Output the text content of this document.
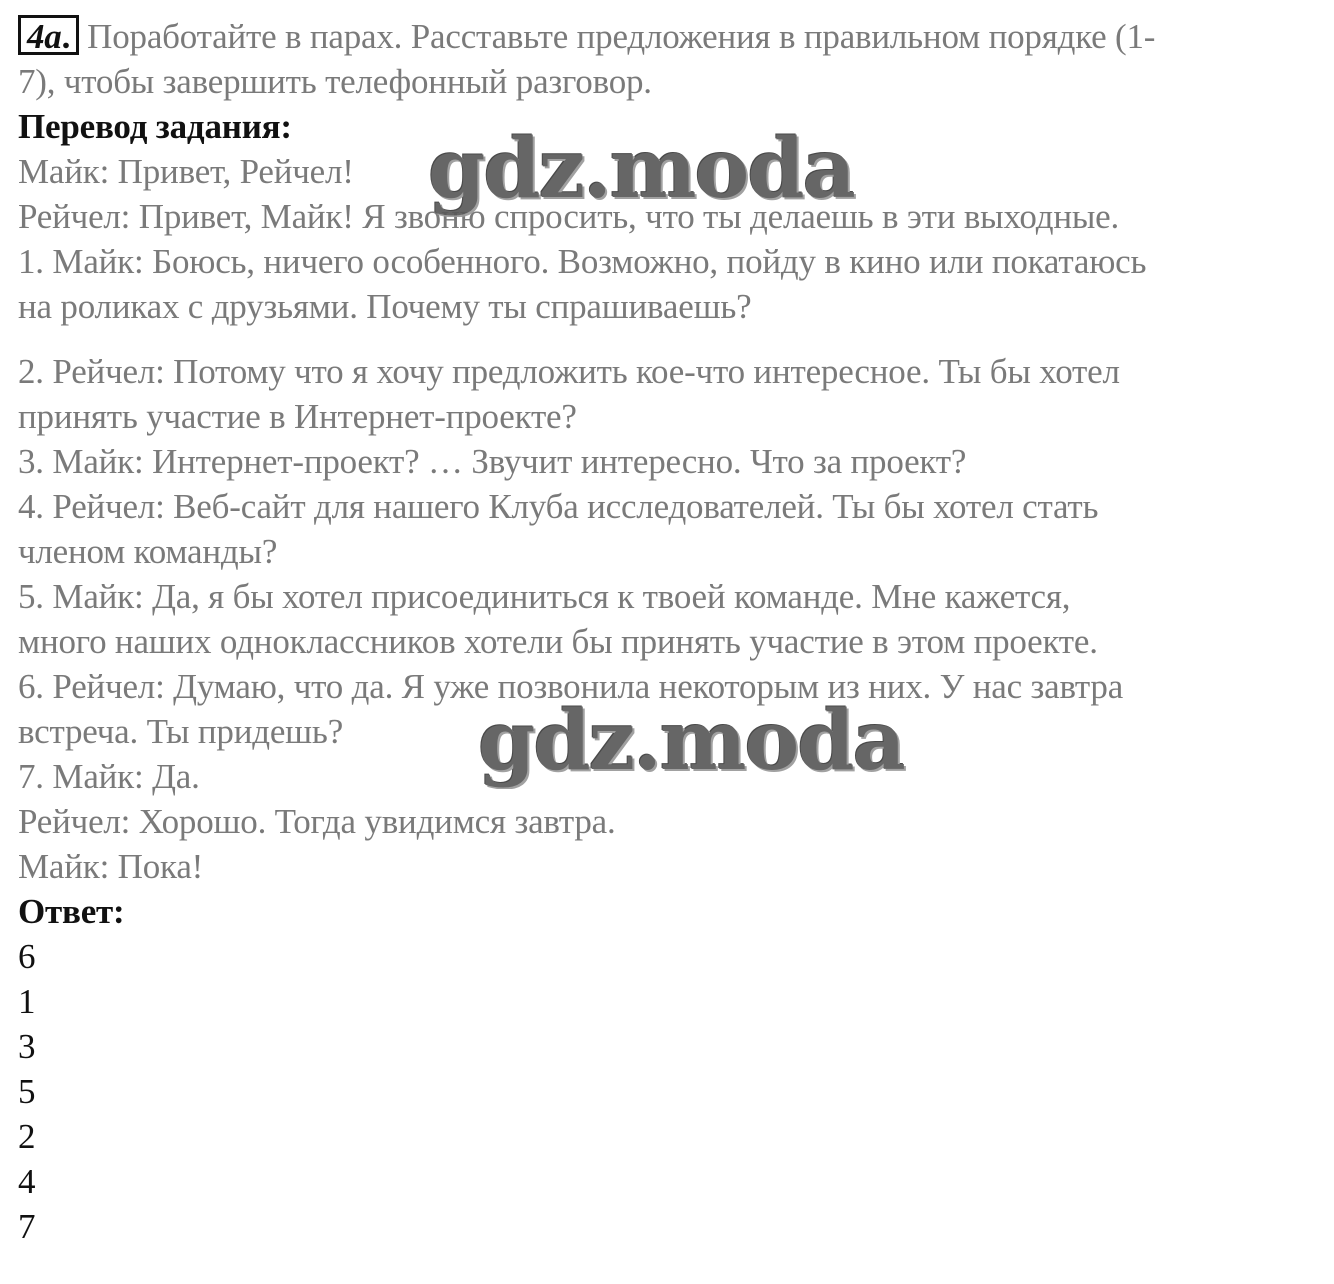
4a. Поработайте в парах. Расставьте предложения в правильном порядке (1-
7), чтобы завершить телефонный разговор.
Перевод задания:
Майк: Привет, Рейчел!
Рейчел: Привет, Майк! Я звоню спросить, что ты делаешь в эти выходные.
1. Майк: Боюсь, ничего особенного. Возможно, пойду в кино или покатаюсь
на роликах с друзьями. Почему ты спрашиваешь?
2. Рейчел: Потому что я хочу предложить кое-что интересное. Ты бы хотел
принять участие в Интернет-проекте?
3. Майк: Интернет-проект? … Звучит интересно. Что за проект?
4. Рейчел: Веб-сайт для нашего Клуба исследователей. Ты бы хотел стать
членом команды?
5. Майк: Да, я бы хотел присоединиться к твоей команде. Мне кажется,
много наших одноклассников хотели бы принять участие в этом проекте.
6. Рейчел: Думаю, что да. Я уже позвонила некоторым из них. У нас завтра
встреча. Ты придешь?
7. Майк: Да.
Рейчел: Хорошо. Тогда увидимся завтра.
Майк: Пока!
Ответ:
6
1
3
5
2
4
7
gdz.moda
gdz.moda
